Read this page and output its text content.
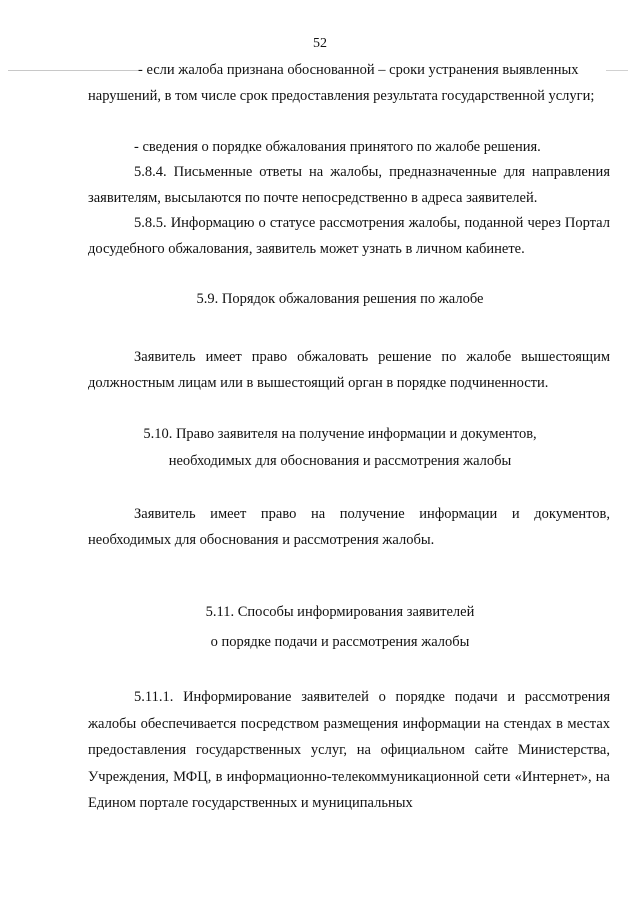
52

- если жалоба признана обоснованной – сроки устранения выявленных

нарушений, в том числе срок предоставления результата государственной услуги;

- сведения о порядке обжалования принятого по жалобе решения.

5.8.4. Письменные ответы на жалобы, предназначенные для направления заявителям, высылаются по почте непосредственно в адреса заявителей.

5.8.5. Информацию о статусе рассмотрения жалобы, поданной через Портал досудебного обжалования, заявитель может узнать в личном кабинете.

5.9. Порядок обжалования решения по жалобе

Заявитель имеет право обжаловать решение по жалобе вышестоящим должностным лицам или в вышестоящий орган в порядке подчиненности.

5.10. Право заявителя на получение информации и документов,

необходимых для обоснования и рассмотрения жалобы

Заявитель имеет право на получение информации и документов, необходимых для обоснования и рассмотрения жалобы.

5.11. Способы информирования заявителей

о порядке подачи и рассмотрения жалобы

5.11.1. Информирование заявителей о порядке подачи и рассмотрения жалобы обеспечивается посредством размещения информации на стендах в местах предоставления государственных услуг, на официальном сайте Министерства, Учреждения, МФЦ, в информационно-телекоммуникационной сети «Интернет», на Едином портале государственных и муниципальных
